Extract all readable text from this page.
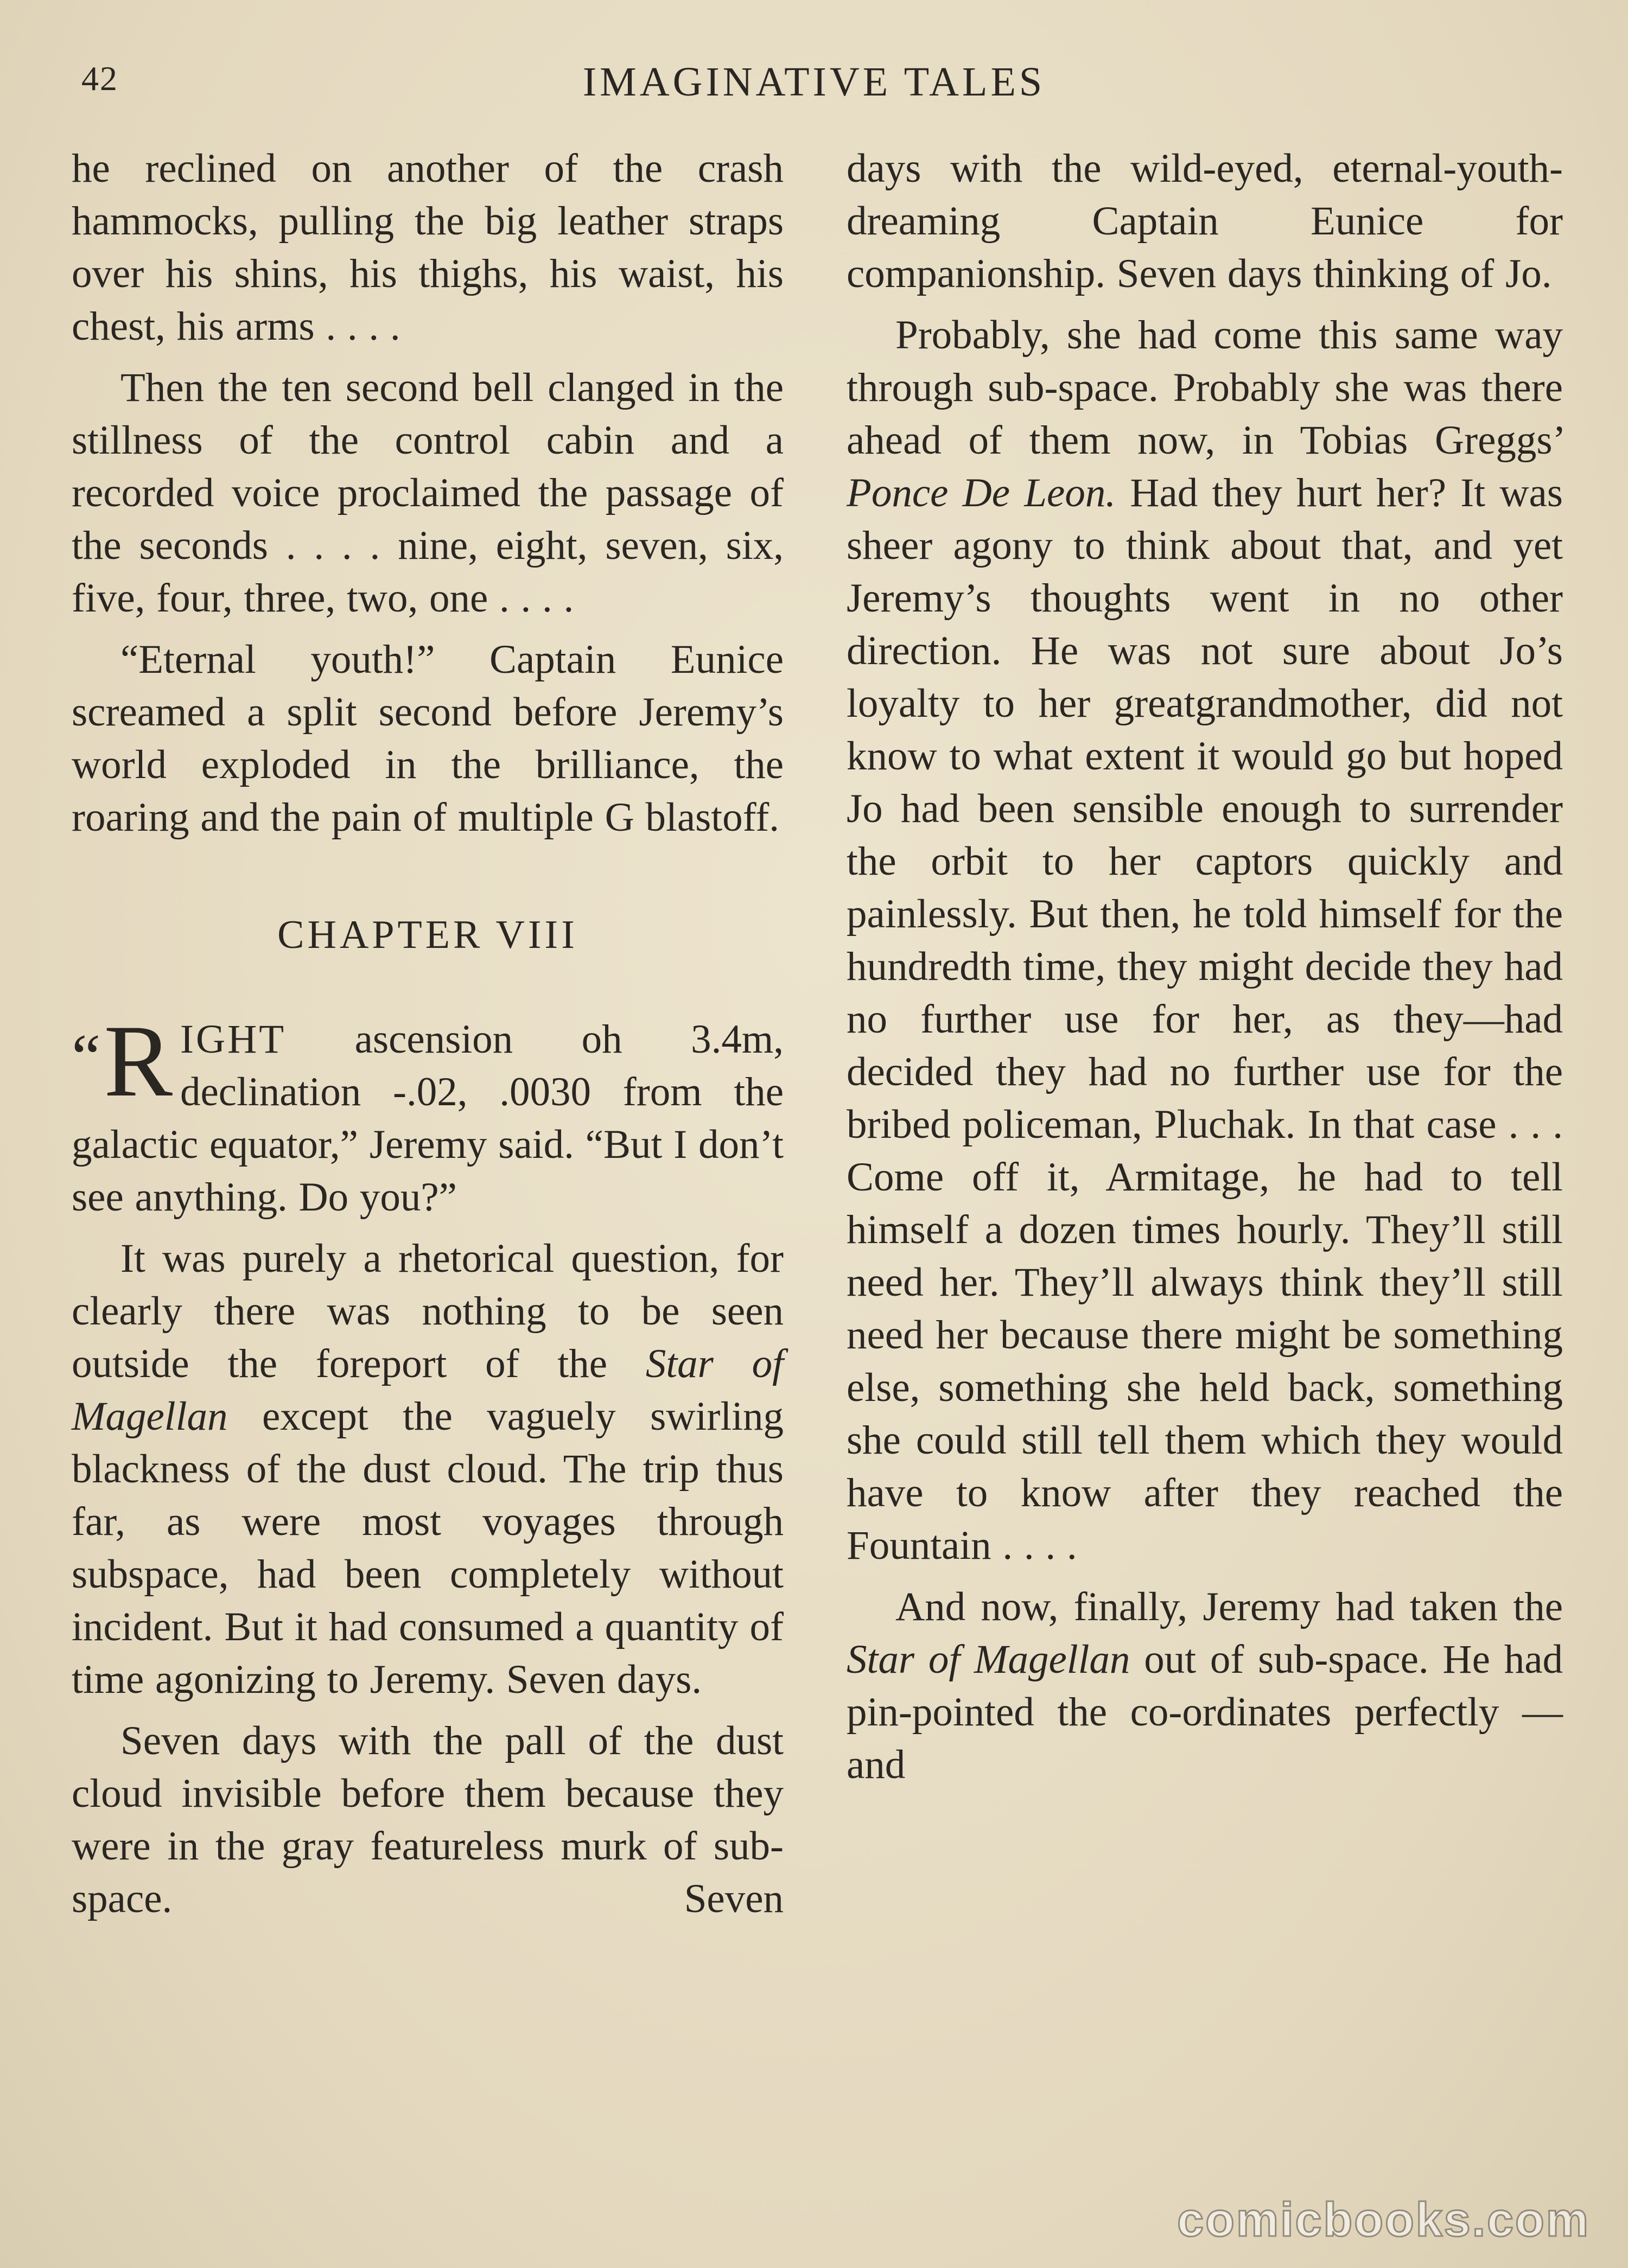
42	IMAGINATIVE TALES

he reclined on another of the crash hammocks, pulling the big leather straps over his shins, his thighs, his waist, his chest, his arms . . . .

Then the ten second bell clanged in the stillness of the control cabin and a recorded voice proclaimed the passage of the seconds . . . . nine, eight, seven, six, five, four, three, two, one . . . .

“Eternal youth!” Captain Eunice screamed a split second before Jeremy’s world exploded in the brilliance, the roaring and the pain of multiple G blastoff.

CHAPTER VIII

“R IGHT ascension oh 3.4m, declination -.02, .0030 from the galactic equator,” Jeremy said. “But I don’t see anything. Do you?”

It was purely a rhetorical question, for clearly there was nothing to be seen outside the foreport of the Star of Magellan except the vaguely swirling blackness of the dust cloud. The trip thus far, as were most voyages through subspace, had been completely without incident. But it had consumed a quantity of time agonizing to Jeremy. Seven days.

Seven days with the pall of the dust cloud invisible before them because they were in the gray featureless murk of sub-space. Seven

days with the wild-eyed, eternal-youth-dreaming Captain Eunice for companionship. Seven days thinking of Jo.

Probably, she had come this same way through sub-space. Probably she was there ahead of them now, in Tobias Greggs’ Ponce De Leon. Had they hurt her? It was sheer agony to think about that, and yet Jeremy’s thoughts went in no other direction. He was not sure about Jo’s loyalty to her greatgrandmother, did not know to what extent it would go but hoped Jo had been sensible enough to surrender the orbit to her captors quickly and painlessly. But then, he told himself for the hundredth time, they might decide they had no further use for her, as they—had decided they had no further use for the bribed policeman, Pluchak. In that case . . . Come off it, Armitage, he had to tell himself a dozen times hourly. They’ll still need her. They’ll always think they’ll still need her because there might be something else, something she held back, something she could still tell them which they would have to know after they reached the Fountain . . . .

And now, finally, Jeremy had taken the Star of Magellan out of sub-space. He had pin-pointed the co-ordinates perfectly — and

comicbooks.com
